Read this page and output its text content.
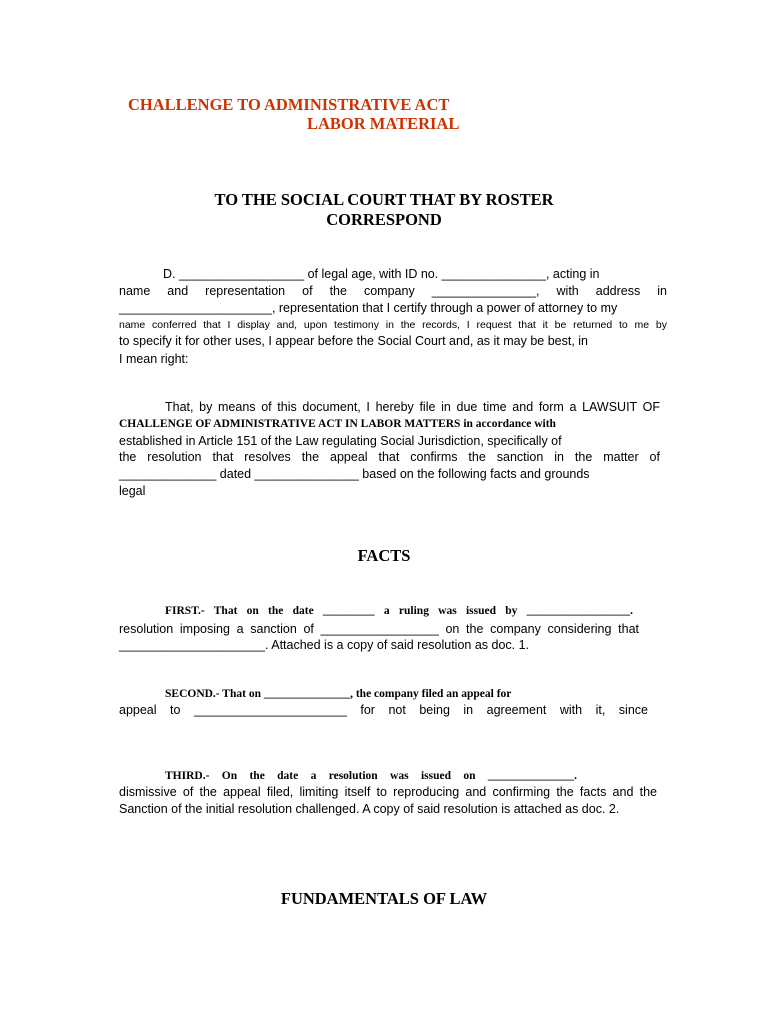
CHALLENGE TO ADMINISTRATIVE ACT

LABOR MATERIAL

TO THE SOCIAL COURT THAT BY ROSTER

CORRESPOND

D. __________________ of legal age, with ID no. _______________, acting in

name and representation of the company _______________, with address in

______________________, representation that I certify through a power of attorney to my

name conferred that I display and, upon testimony in the records, I request that it be returned to me by

to specify it for other uses, I appear before the Social Court and, as it may be best, in

I mean right:

That, by means of this document, I hereby file in due time and form a LAWSUIT OF

CHALLENGE OF ADMINISTRATIVE ACT IN LABOR MATTERS in accordance with

established in Article 151 of the Law regulating Social Jurisdiction, specifically of

the resolution that resolves the appeal that confirms the sanction in the matter of

______________ dated _______________ based on the following facts and grounds

legal

FACTS

FIRST.- That on the date _________ a ruling was issued by __________________.

resolution imposing a sanction of _________________ on the company considering that

_____________________. Attached is a copy of said resolution as doc. 1.

SECOND.- That on _______________, the company filed an appeal for

appeal to ______________________ for not being in agreement with it, since

THIRD.- On the date a resolution was issued on _______________.

dismissive of the appeal filed, limiting itself to reproducing and confirming the facts and the

Sanction of the initial resolution challenged. A copy of said resolution is attached as doc. 2.

FUNDAMENTALS OF LAW
